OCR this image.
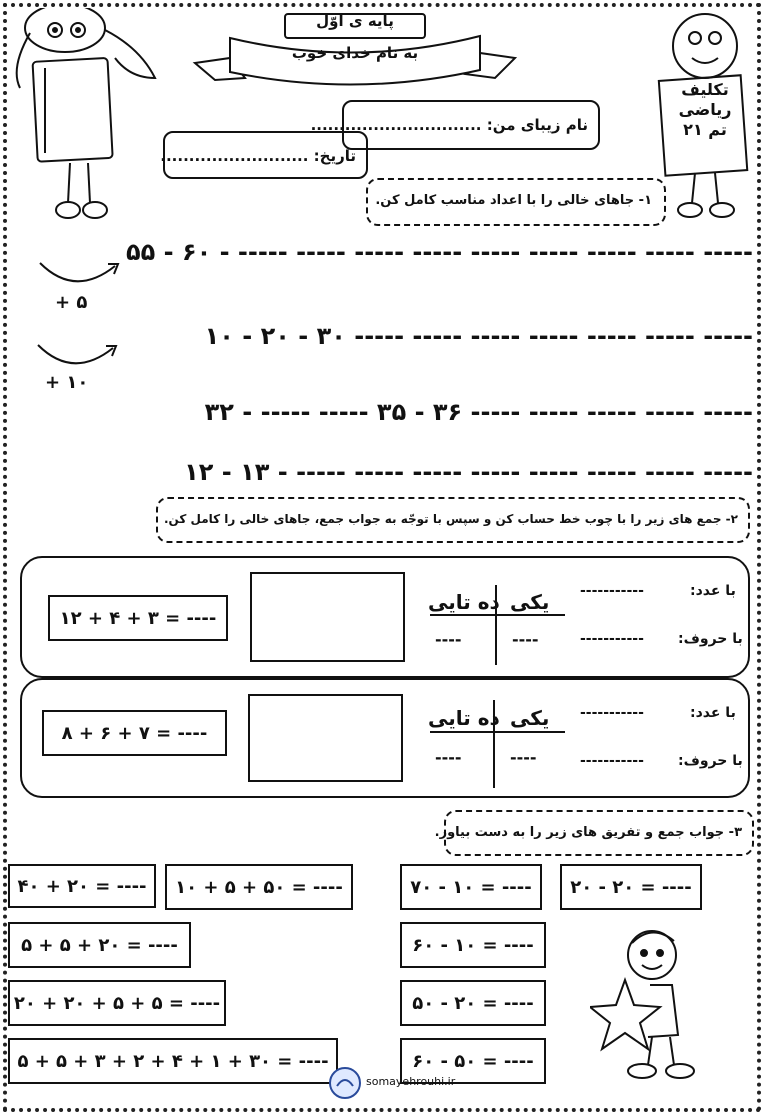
تکلیف
ریاضی
تم ۲۱
پایه ی اوّل
به نام خدای خوب
نام زیبای من: ..............................
تاریخ: ..........................
۱- جاهای خالی را با اعداد مناسب کامل کن.
۵۵ - ۶۰ - ----- ----- ----- ----- ----- ----- ----- ----- -----
+ ۵
۱۰ - ۲۰ - ۳۰ ----- ----- ----- ----- ----- ----- -----
+ ۱۰
۳۲ - ----- ----- ۳۵ - ۳۶ ----- ----- ----- ----- -----
۱۲ - ۱۳ - ----- ----- ----- ----- ----- ----- ----- -----
۲- جمع های زیر را با چوب خط حساب کن و سپس با توجّه به جواب جمع، جاهای خالی را کامل کن.
۱۲ + ۴ + ۳ = ----
ده تایی یکی
----	----
با عدد:
-----------
با حروف:
-----------
۸ + ۶ + ۷ = ----
ده تایی یکی
----	----
با عدد:
-----------
با حروف:
-----------
۳- جواب جمع و تفریق های زیر را به دست بیاور.
۴۰ + ۲۰ = ----	۱۰ + ۵ + ۵۰ = ----
۵ + ۵ + ۲۰ = ----
۲۰ + ۲۰ + ۵ + ۵ = ----
۵ + ۵ + ۳ + ۲ + ۴ + ۱ + ۳۰ = ----
۷۰ - ۱۰ = ----	۲۰ - ۲۰ = ----
۶۰ - ۱۰ = ----
۵۰ - ۲۰ = ----
۶۰ - ۵۰ = ----
somayehrouhi.ir
